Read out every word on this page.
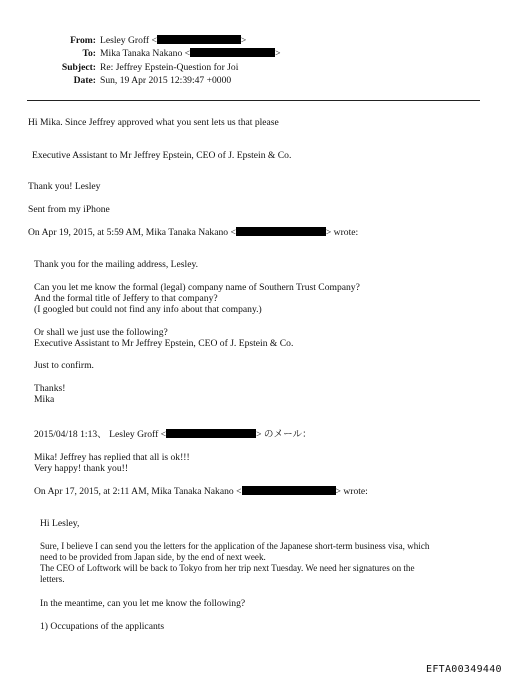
From: Lesley Groff <	>
To: Mika Tanaka Nakano <	>
Subject: Re: Jeffrey Epstein-Question for Joi
Date: Sun, 19 Apr 2015 12:39:47 +0000
Hi Mika. Since Jeffrey approved what you sent lets us that please
Executive Assistant to Mr Jeffrey Epstein, CEO of J. Epstein & Co.
Thank you! Lesley
Sent from my iPhone
On Apr 19, 2015, at 5:59 AM, Mika Tanaka Nakano <	> wrote:
Thank you for the mailing address, Lesley.
Can you let me know the formal (legal) company name of Southern Trust Company?
And the formal title of Jeffery to that company?
(I googled but could not find any info about that company.)
Or shall we just use the following?
Executive Assistant to Mr Jeffrey Epstein, CEO of J. Epstein & Co.
Just to confirm.
Thanks!
Mika
2015/04/18 1:13、 Lesley Groff <	> のメール：
Mika! Jeffrey has replied that all is ok!!!
Very happy! thank you!!
On Apr 17, 2015, at 2:11 AM, Mika Tanaka Nakano <	> wrote:
Hi Lesley,
Sure, I believe I can send you the letters for the application of the Japanese short-term business visa, which
need to be provided from Japan side, by the end of next week.
The CEO of Loftwork will be back to Tokyo from her trip next Tuesday. We need her signatures on the
letters.
In the meantime, can you let me know the following?
1) Occupations of the applicants
EFTA00349440
